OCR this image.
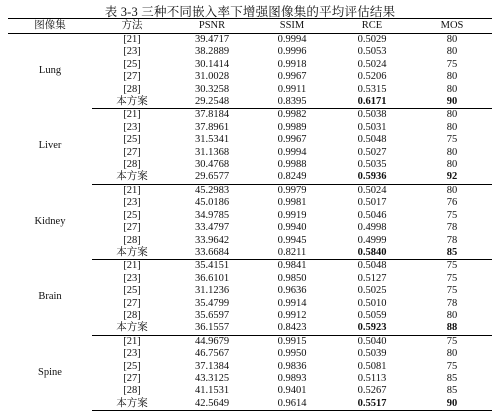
表 3-3 三种不同嵌入率下增强图像集的平均评估结果
图像集	方法	PSNR	SSIM	RCE	MOS
Lung	[21]	39.4717	0.9994	0.5029	80
	[23]	38.2889	0.9996	0.5053	80
	[25]	30.1414	0.9918	0.5024	75
	[27]	31.0028	0.9967	0.5206	80
	[28]	30.3258	0.9911	0.5315	80
	本方案	29.2548	0.8395	0.6171	90
Liver	[21]	37.8184	0.9982	0.5038	80
	[23]	37.8961	0.9989	0.5031	80
	[25]	31.5341	0.9967	0.5048	75
	[27]	31.1368	0.9994	0.5027	80
	[28]	30.4768	0.9988	0.5035	80
	本方案	29.6577	0.8249	0.5936	92
Kidney	[21]	45.2983	0.9979	0.5024	80
	[23]	45.0186	0.9981	0.5017	76
	[25]	34.9785	0.9919	0.5046	75
	[27]	33.4797	0.9940	0.4998	78
	[28]	33.9642	0.9945	0.4999	78
	本方案	33.6684	0.8211	0.5840	85
Brain	[21]	35.4151	0.9841	0.5048	75
	[23]	36.6101	0.9850	0.5127	75
	[25]	31.1236	0.9636	0.5025	75
	[27]	35.4799	0.9914	0.5010	78
	[28]	35.6597	0.9912	0.5059	80
	本方案	36.1557	0.8423	0.5923	88
Spine	[21]	44.9679	0.9915	0.5040	75
	[23]	46.7567	0.9950	0.5039	80
	[25]	37.1384	0.9836	0.5081	75
	[27]	43.3125	0.9893	0.5113	85
	[28]	41.1531	0.9401	0.5267	85
	本方案	42.5649	0.9614	0.5517	90
